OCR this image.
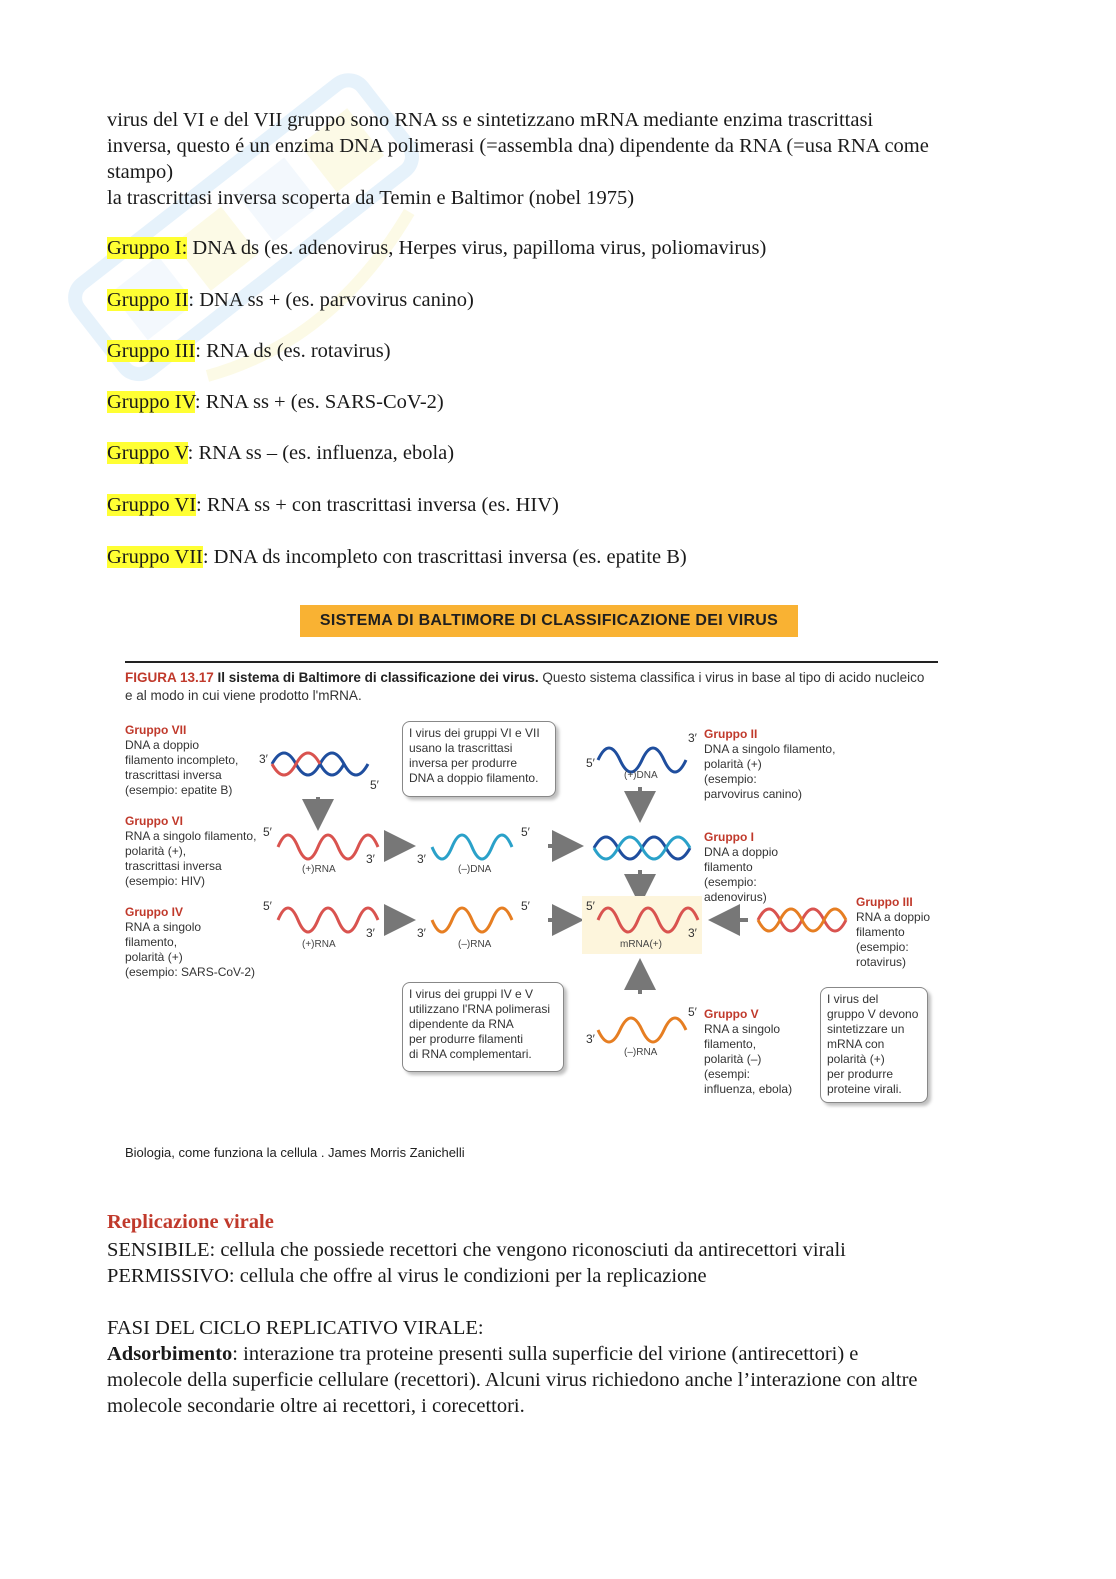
virus del VI e del VII gruppo sono RNA ss e sintetizzano mRNA mediante enzima trascrittasi

inversa, questo é un enzima DNA polimerasi (=assembla dna) dipendente da RNA (=usa RNA come

stampo)

la trascrittasi inversa scoperta da Temin e Baltimor (nobel 1975)

Gruppo I: DNA ds (es. adenovirus, Herpes virus, papilloma virus, poliomavirus)
Gruppo II: DNA ss + (es. parvovirus canino)
Gruppo III: RNA ds (es. rotavirus)
Gruppo IV: RNA ss + (es. SARS-CoV-2)
Gruppo V: RNA ss – (es. influenza, ebola)
Gruppo VI: RNA ss + con trascrittasi inversa (es. HIV)
Gruppo VII: DNA ds incompleto con trascrittasi inversa (es. epatite B)
SISTEMA DI BALTIMORE DI CLASSIFICAZIONE DEI VIRUS
FIGURA 13.17 Il sistema di Baltimore di classificazione dei virus. Questo sistema classifica i virus in base al tipo di acido nucleico e al modo in cui viene prodotto l'mRNA.
Gruppo VII
DNA a doppio
filamento incompleto,
trascrittasi inversa
(esempio: epatite B)
Gruppo VI
RNA a singolo filamento,
polarità (+),
trascrittasi inversa
(esempio: HIV)
Gruppo IV
RNA a singolo
filamento,
polarità (+)
(esempio: SARS-CoV-2)
Gruppo II
DNA a singolo filamento,
polarità (+)
(esempio:
parvovirus canino)
Gruppo I
DNA a doppio
filamento
(esempio:
adenovirus)	Gruppo III
RNA a doppio
filamento
(esempio:
rotavirus)
Gruppo V
RNA a singolo
filamento,
polarità (–)
(esempi:
influenza, ebola)
I virus dei gruppi VI e VII
usano la trascrittasi
inversa per produrre
DNA a doppio filamento.
I virus dei gruppi IV e V
utilizzano l'RNA polimerasi
dipendente da RNA
per produrre filamenti
di RNA complementari.
I virus del
gruppo V devono
sintetizzare un
mRNA con
polarità (+)
per produrre
proteine virali.
(+)DNA
(+)RNA	(–)DNA
(+)RNA	(–)RNA	mRNA(+)
(–)RNA
3′
5′
5′
3′
5′
3′	3′
5′
5′
3′	3′
5′	5′
3′
5′
3′
Biologia, come funziona la cellula . James Morris Zanichelli
Replicazione virale

SENSIBILE: cellula che possiede recettori che vengono riconosciuti da antirecettori virali

PERMISSIVO: cellula che offre al virus le condizioni per la replicazione

FASI DEL CICLO REPLICATIVO VIRALE:

Adsorbimento: interazione tra proteine presenti sulla superficie del virione (antirecettori) e

molecole della superficie cellulare (recettori). Alcuni virus richiedono anche l’interazione con altre

molecole secondarie oltre ai recettori, i corecettori.
